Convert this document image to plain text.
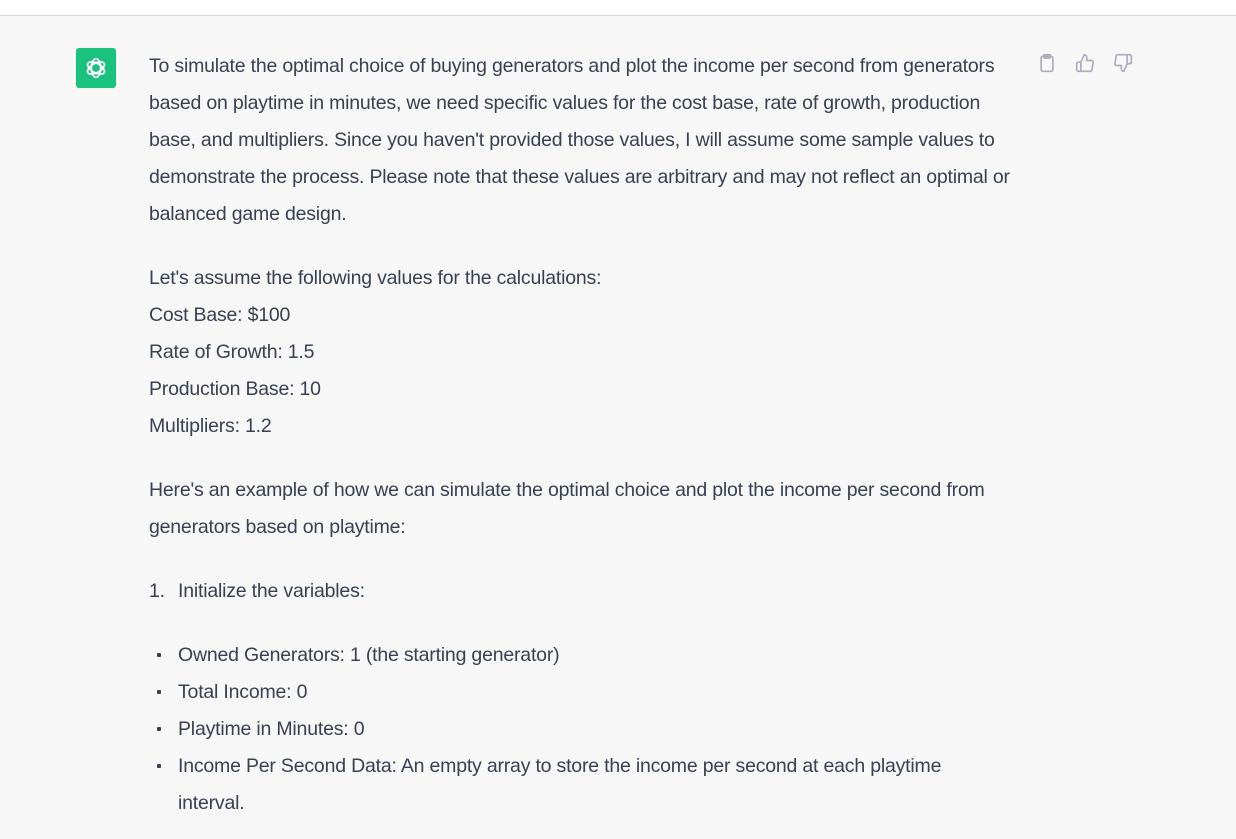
To simulate the optimal choice of buying generators and plot the income per second from generators based on playtime in minutes, we need specific values for the cost base, rate of growth, production base, and multipliers. Since you haven't provided those values, I will assume some sample values to demonstrate the process. Please note that these values are arbitrary and may not reflect an optimal or balanced game design.

Let's assume the following values for the calculations:
Cost Base: $100
Rate of Growth: 1.5
Production Base: 10
Multipliers: 1.2

Here's an example of how we can simulate the optimal choice and plot the income per second from generators based on playtime:

1. Initialize the variables:
Owned Generators: 1 (the starting generator)
Total Income: 0
Playtime in Minutes: 0
Income Per Second Data: An empty array to store the income per second at each playtime interval.
